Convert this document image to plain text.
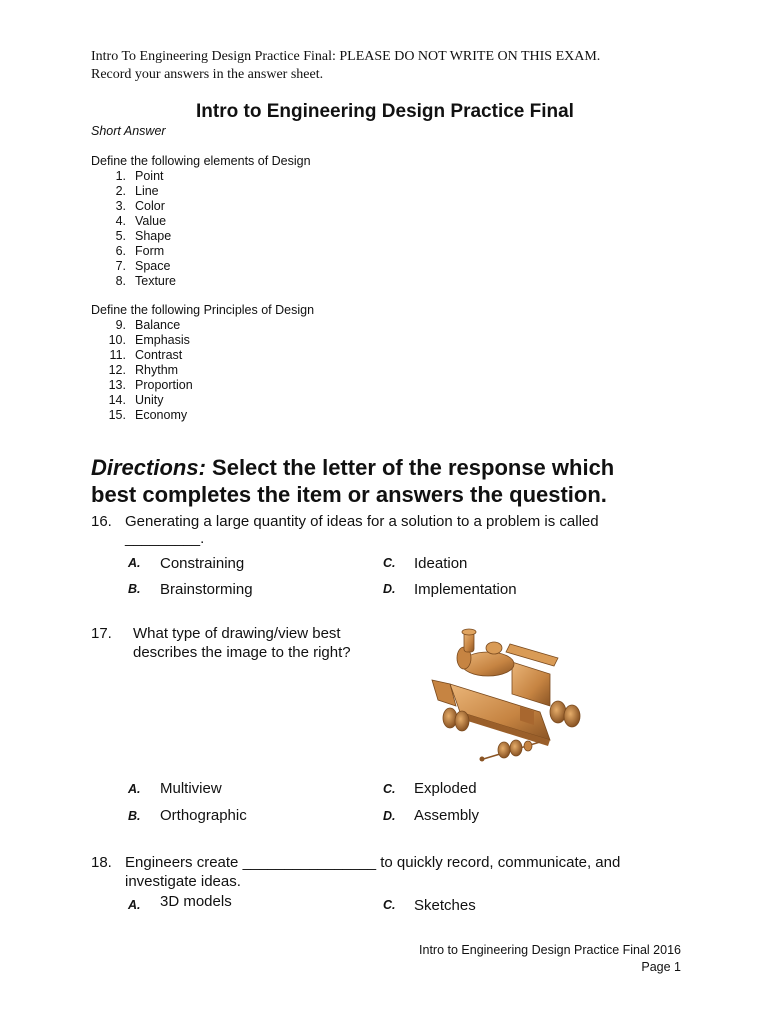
Intro To Engineering Design Practice Final: PLEASE DO NOT WRITE ON THIS EXAM.
Record your answers in the answer sheet.
Intro to Engineering Design Practice Final
Short Answer
Define the following elements of Design
1. Point
2. Line
3. Color
4. Value
5. Shape
6. Form
7. Space
8. Texture
Define the following Principles of Design
9. Balance
10. Emphasis
11. Contrast
12. Rhythm
13. Proportion
14. Unity
15. Economy
Directions: Select the letter of the response which
best completes the item or answers the question.
16. Generating a large quantity of ideas for a solution to a problem is called
_________.
A. Constraining
B. Brainstorming
C. Ideation
D. Implementation
17. What type of drawing/view best
describes the image to the right?
A. Multiview
B. Orthographic
C. Exploded
D. Assembly
18. Engineers create ________________ to quickly record, communicate, and
investigate ideas.
A. 3D models	C. Sketches
Intro to Engineering Design Practice Final 2016
Page 1
